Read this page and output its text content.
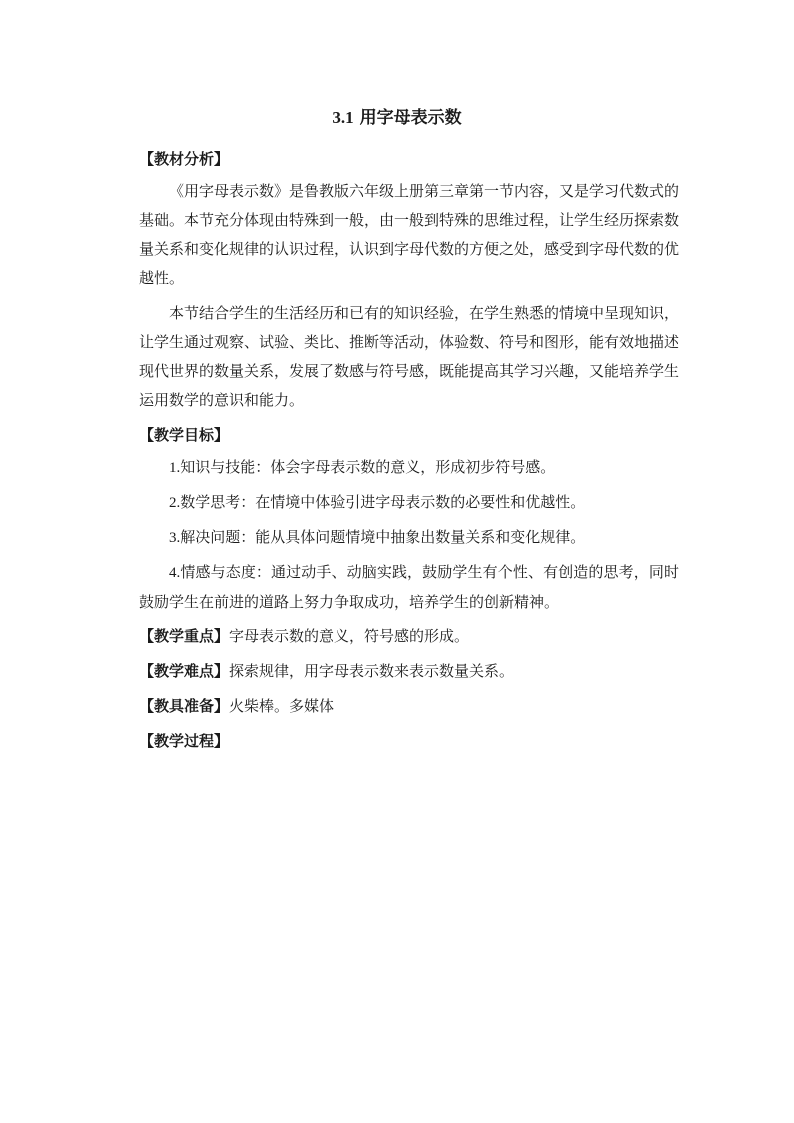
3.1 用字母表示数
【教材分析】

《用字母表示数》是鲁教版六年级上册第三章第一节内容，又是学习代数式的基础。本节充分体现由特殊到一般，由一般到特殊的思维过程，让学生经历探索数量关系和变化规律的认识过程，认识到字母代数的方便之处，感受到字母代数的优越性。

本节结合学生的生活经历和已有的知识经验，在学生熟悉的情境中呈现知识，让学生通过观察、试验、类比、推断等活动，体验数、符号和图形，能有效地描述现代世界的数量关系，发展了数感与符号感，既能提高其学习兴趣，又能培养学生运用数学的意识和能力。

【教学目标】

1.知识与技能：体会字母表示数的意义，形成初步符号感。

2.数学思考：在情境中体验引进字母表示数的必要性和优越性。

3.解决问题：能从具体问题情境中抽象出数量关系和变化规律。

4.情感与态度：通过动手、动脑实践，鼓励学生有个性、有创造的思考，同时鼓励学生在前进的道路上努力争取成功，培养学生的创新精神。

【教学重点】字母表示数的意义，符号感的形成。
【教学难点】探索规律，用字母表示数来表示数量关系。
【教具准备】火柴棒。多媒体
【教学过程】
